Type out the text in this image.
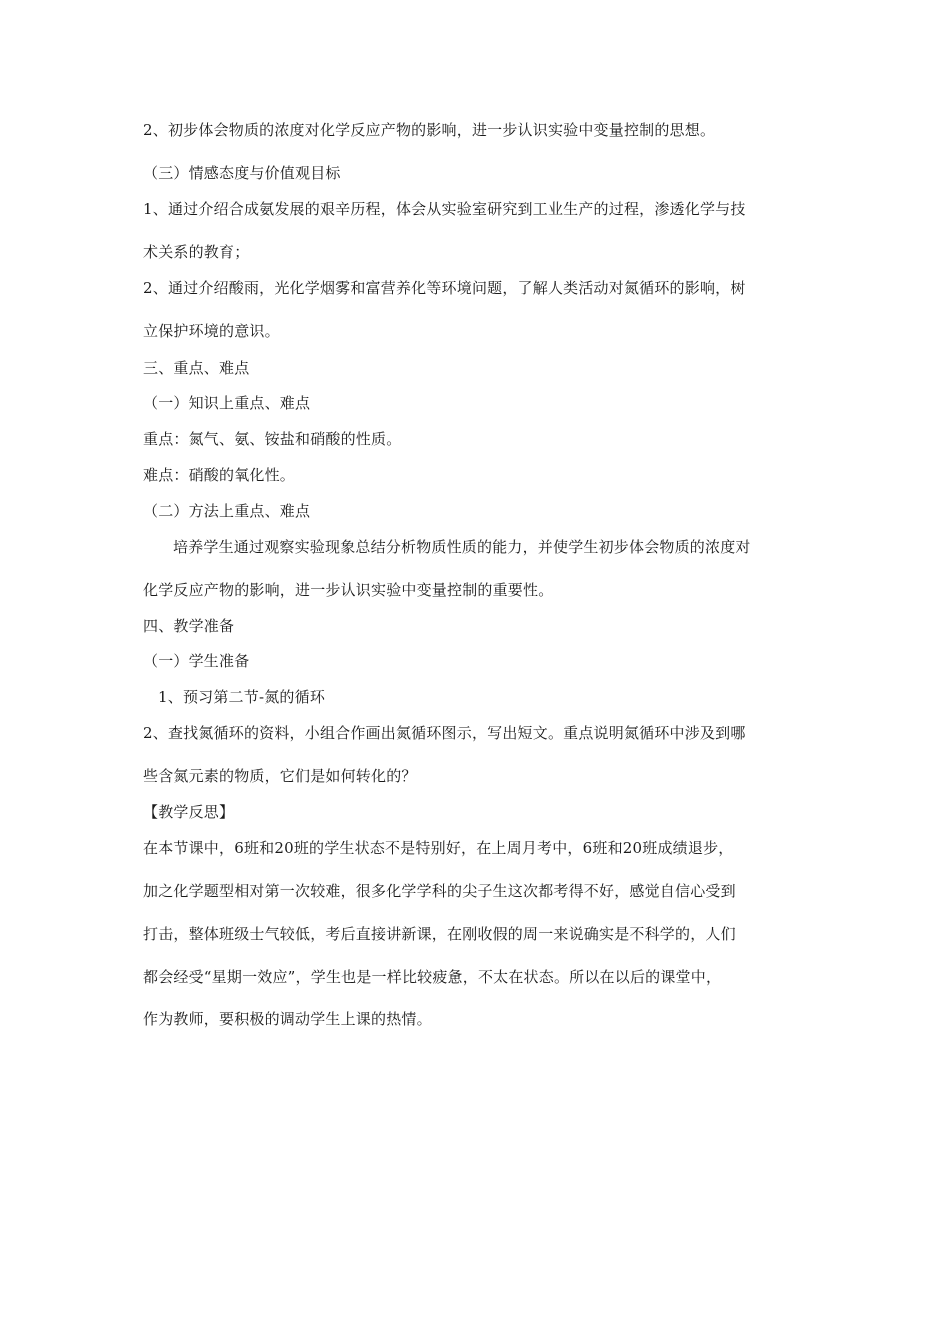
2、初步体会物质的浓度对化学反应产物的影响，进一步认识实验中变量控制的思想。
（三）情感态度与价值观目标
1、通过介绍合成氨发展的艰辛历程，体会从实验室研究到工业生产的过程，渗透化学与技
术关系的教育；
2、通过介绍酸雨，光化学烟雾和富营养化等环境问题，了解人类活动对氮循环的影响，树
立保护环境的意识。
三、重点、难点
（一）知识上重点、难点
重点：氮气、氨、铵盐和硝酸的性质。
难点：硝酸的氧化性。
（二）方法上重点、难点
培养学生通过观察实验现象总结分析物质性质的能力，并使学生初步体会物质的浓度对
化学反应产物的影响，进一步认识实验中变量控制的重要性。
四、教学准备
（一）学生准备
1、预习第二节-氮的循环
2、查找氮循环的资料，小组合作画出氮循环图示，写出短文。重点说明氮循环中涉及到哪
些含氮元素的物质，它们是如何转化的？
【教学反思】
在本节课中，6班和20班的学生状态不是特别好，在上周月考中，6班和20班成绩退步，
加之化学题型相对第一次较难，很多化学学科的尖子生这次都考得不好，感觉自信心受到
打击，整体班级士气较低，考后直接讲新课，在刚收假的周一来说确实是不科学的，人们
都会经受“星期一效应”，学生也是一样比较疲惫，不太在状态。所以在以后的课堂中，
作为教师，要积极的调动学生上课的热情。
